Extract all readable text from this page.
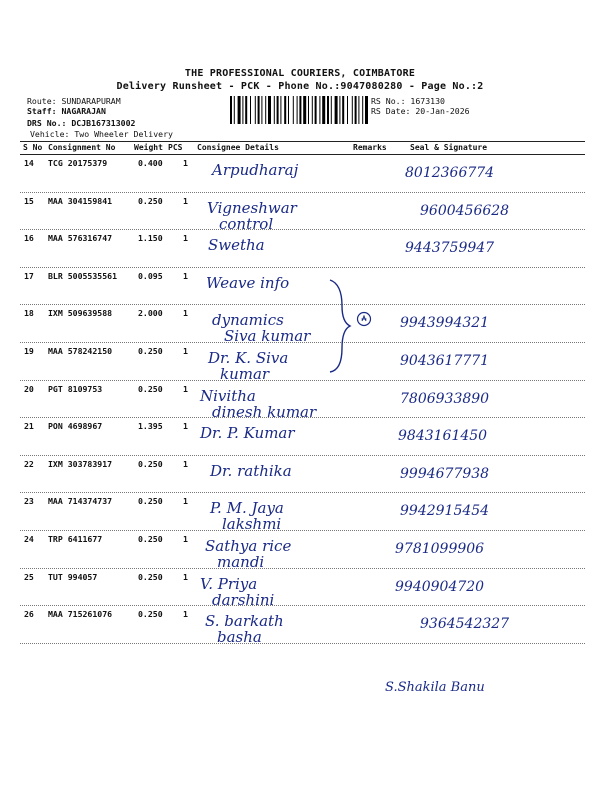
THE PROFESSIONAL COURIERS, COIMBATORE
Delivery Runsheet - PCK - Phone No.:9047080280 - Page No.:2
Route: SUNDARAPURAM
Staff: NAGARAJAN
DRS No.: DCJB167313002
Vehicle: Two Wheeler Delivery
RS No.: 1673130
RS Date: 20-Jan-2026
S No Consignment No Weight PCS Consignee Details	Remarks	Seal & Signature
14 TCG 20175379	0.400 1 Arpudharaj	8012366774
15 MAA 304159841	0.250 1 Vigneshwar
control
9600456628
16 MAA 576316747	1.150 1 Swetha	9443759947
17 BLR 5005535561	0.095 1 Weave info
18 IXM 509639588	2.000 1 dynamics
Siva kumar
9943994321
19 MAA 578242150	0.250 1 Dr. K. Siva
kumar
9043617771
20 PGT 8109753	0.250 1 Nivitha
dinesh kumar
7806933890
21 PON 4698967	1.395 1 Dr. P. Kumar	9843161450
22 IXM 303783917	0.250 1 Dr. rathika	9994677938
23 MAA 714374737	0.250 1 P. M. Jaya
lakshmi
9942915454
24 TRP 6411677	0.250 1 Sathya rice
mandi
9781099906
25 TUT 994057	0.250 1 V. Priya
darshini
9940904720
26 MAA 715261076	0.250 1 S. barkath
basha
9364542327
S.Shakila Banu
